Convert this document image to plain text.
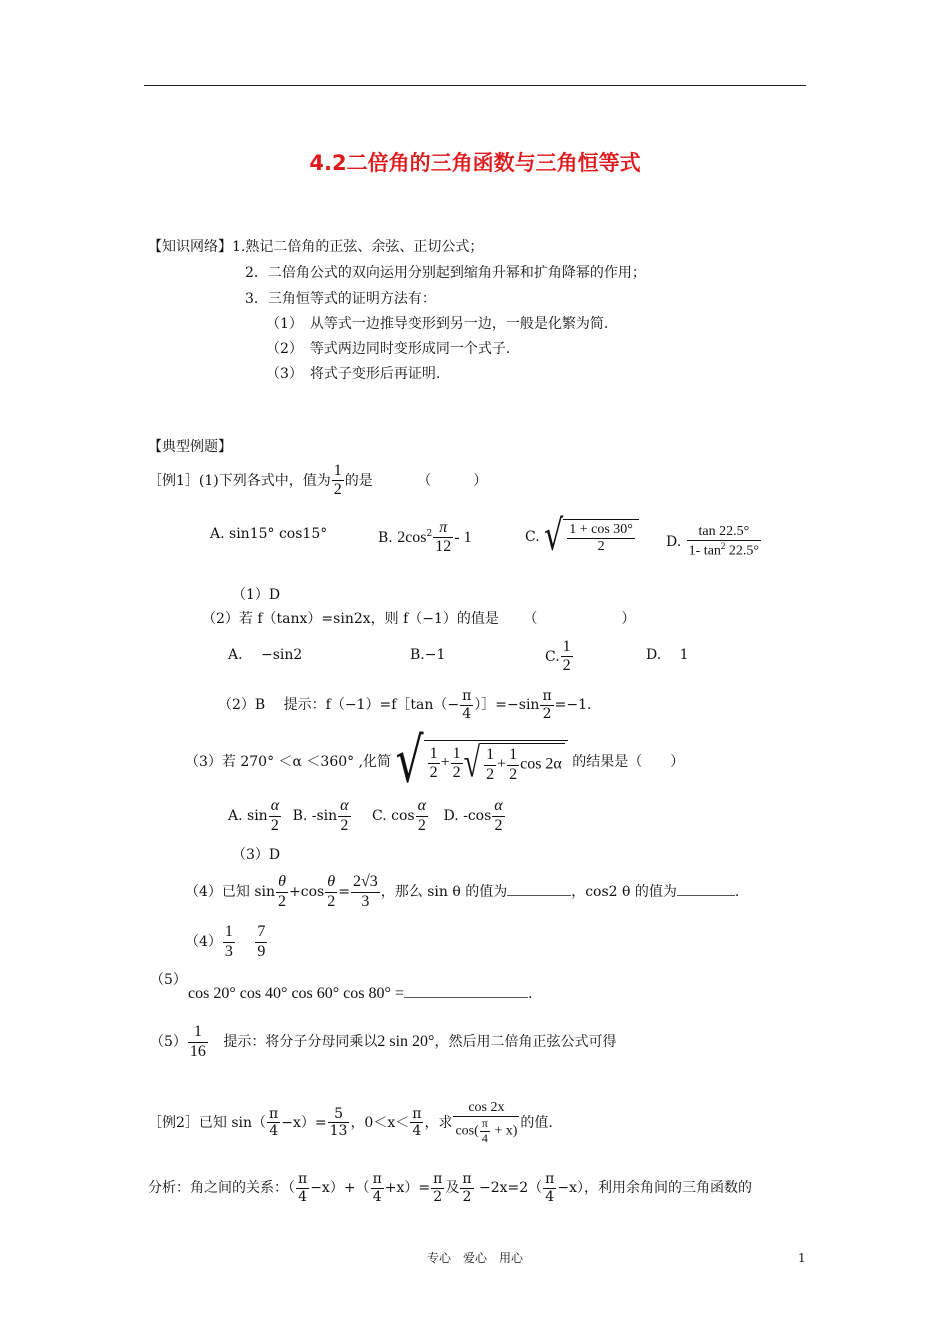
4.2二倍角的三角函数与三角恒等式
【知识网络】1.熟记二倍角的正弦、余弦、正切公式；
2．二倍角公式的双向运用分别起到缩角升幂和扩角降幂的作用；
3．三角恒等式的证明方法有：
（1）　从等式一边推导变形到另一边，一般是化繁为简.
（2）　等式两边同时变形成同一个式子.
（3）　将式子变形后再证明.
【典型例题】
［例1］(1)下列各式中，值为 $\frac{1}{2}$ 的是	（　　　）
A. sin15° cos15°	B. $2\cos^2 \frac{\pi}{12} - 1$	C. √ $\frac{1 + \cos 30^\circ}{2} D$. $\frac{\tan 22.5^\circ}{1- \tan^2 22.5^\circ}$
（1）D
（2）若 f（tanx）=sin2x，则 f（−1）的值是 （　　　　　　）
A.　 −sin2	B.−1	C. $\frac{1}{2}$	D.　 1
（2）B　 提示：f（−1）=f［tan（− $\frac{\pi}{4}$ ）］=−sin $\frac{\pi}{2} =-1$.
（3）若 270° ＜α ＜360° ,化简 √ $\frac{1}{2} + \frac{1}{2}$ √ $\frac{1}{2} + \frac{1}{2}$ cos 2α 的结果是（　　）
A. $\sin \frac{\alpha}{2} B$. $-\sin \frac{\alpha}{2} C$. $\cos \frac{\alpha}{2} D$. $-\cos \frac{\alpha}{2}$
（3）D
（4）已知 $\sin \frac{\theta}{2} +\cos \frac{\theta}{2} = \frac{2√3}{3}$ ，那么 sin θ 的值为	，cos2 θ 的值为	.
$(4) \frac{1}{3}$
$\frac{7}{9}$
（5）
cos 20° cos 40° cos 60° cos 80° =	.
$(5) \frac{1}{16}$ 提示：将分子分母同乘以2 sin 20°，然后用二倍角正弦公式可得
［例2］已知 $\sin( \frac{\pi}{4} -x)= \frac{5}{13}$ ，$0<x< \frac{\pi}{4}$ ，求 $\frac{\cos 2x}{\cos( \frac{\pi}{4} + x)}$ 的值.
分析：角之间的关系：（ $\frac{\pi}{4} -x)+( \frac{\pi}{4} +x)= \frac{\pi}{2}$ 及 $\frac{\pi}{2} -2x=2( \frac{\pi}{4} -x)$，利用余角间的三角函数的
专心　爱心　用心	1
